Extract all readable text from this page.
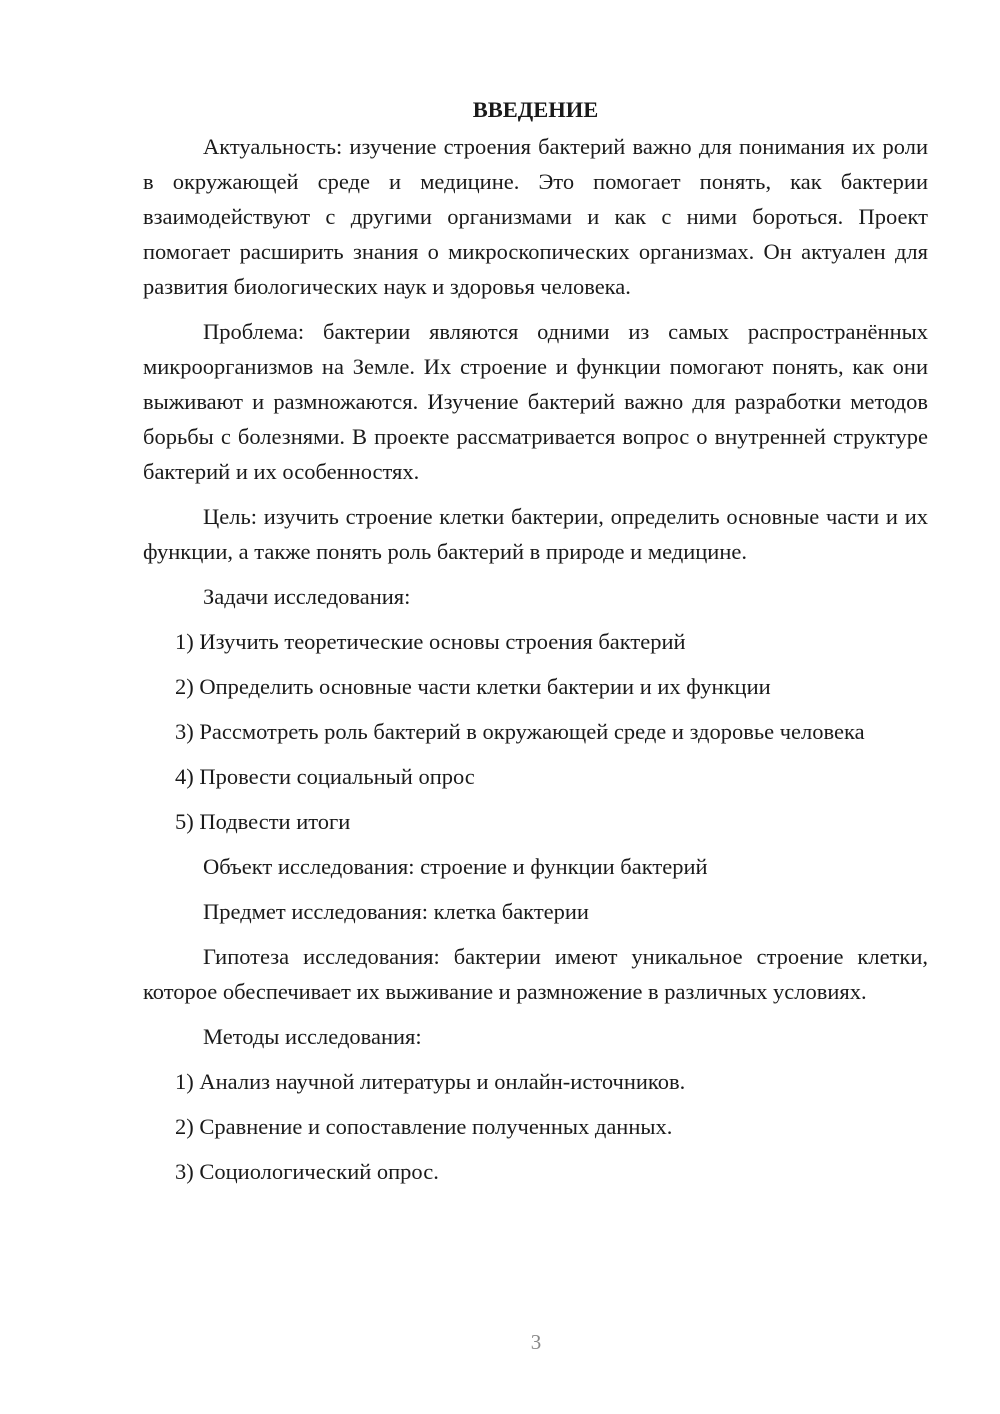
ВВЕДЕНИЕ
Актуальность: изучение строения бактерий важно для понимания их роли в окружающей среде и медицине. Это помогает понять, как бактерии взаимодействуют с другими организмами и как с ними бороться. Проект помогает расширить знания о микроскопических организмах. Он актуален для развития биологических наук и здоровья человека.
Проблема: бактерии являются одними из самых распространённых микроорганизмов на Земле. Их строение и функции помогают понять, как они выживают и размножаются. Изучение бактерий важно для разработки методов борьбы с болезнями. В проекте рассматривается вопрос о внутренней структуре бактерий и их особенностях.
Цель: изучить строение клетки бактерии, определить основные части и их функции, а также понять роль бактерий в природе и медицине.
Задачи исследования:
1) Изучить теоретические основы строения бактерий
2) Определить основные части клетки бактерии и их функции
3) Рассмотреть роль бактерий в окружающей среде и здоровье человека
4) Провести социальный опрос
5) Подвести итоги
Объект исследования: строение и функции бактерий
Предмет исследования: клетка бактерии
Гипотеза исследования: бактерии имеют уникальное строение клетки, которое обеспечивает их выживание и размножение в различных условиях.
Методы исследования:
1) Анализ научной литературы и онлайн-источников.
2) Сравнение и сопоставление полученных данных.
3) Социологический опрос.
3
